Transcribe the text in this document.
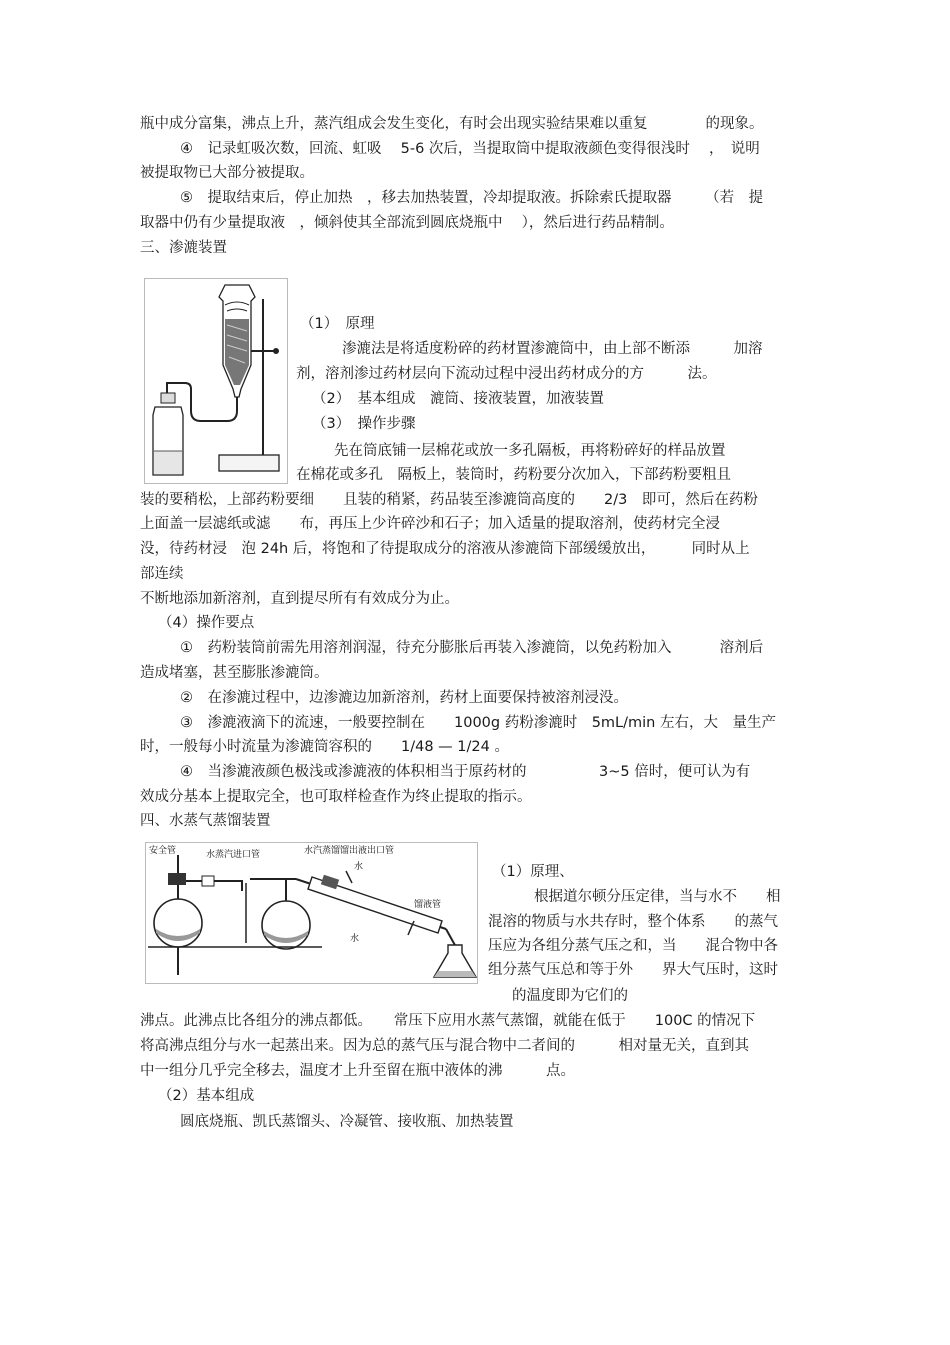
瓶中成分富集，沸点上升，蒸汽组成会发生变化，有时会出现实验结果难以重复　　　　的现象。
④　记录虹吸次数，回流、虹吸　 5-6 次后，当提取筒中提取液颜色变得很浅时　 ，　说明
被提取物已大部分被提取。
⑤　提取结束后，停止加热　，移去加热装置，冷却提取液。拆除索氏提取器　　 （若　提
取器中仍有少量提取液　，倾斜使其全部流到圆底烧瓶中　 ），然后进行药品精制。
三、渗漉装置
（1）　原理
渗漉法是将适度粉碎的药材置渗漉筒中，由上部不断添　　　加溶
剂，溶剂渗过药材层向下流动过程中浸出药材成分的方　　　法。
（2）　基本组成　漉筒、接液装置，加液装置
（3）　操作步骤
先在筒底铺一层棉花或放一多孔隔板，再将粉碎好的样品放置
在棉花或多孔　隔板上，装筒时，药粉要分次加入，下部药粉要粗且
装的要稍松，上部药粉要细　　且装的稍紧，药品装至渗漉筒高度的　　2/3　即可，然后在药粉
上面盖一层滤纸或滤　　布，再压上少许碎沙和石子；加入适量的提取溶剂，使药材完全浸
没，待药材浸　泡 24h 后，将饱和了待提取成分的溶液从渗漉筒下部缓缓放出，　　　同时从上
部连续
不断地添加新溶剂，直到提尽所有有效成分为止。
（4）操作要点
①　药粉装筒前需先用溶剂润湿，待充分膨胀后再装入渗漉筒，以免药粉加入　　　 溶剂后
造成堵塞，甚至膨胀渗漉筒。
②　在渗漉过程中，边渗漉边加新溶剂，药材上面要保持被溶剂浸没。
③　渗漉液滴下的流速，一般要控制在　　1000g 药粉渗漉时　5mL/min 左右，大　量生产
时，一般每小时流量为渗漉筒容积的　　1/48 — 1/24 。
④　当渗漉液颜色极浅或渗漉液的体积相当于原药材的　　　　　3~5 倍时，便可认为有
效成分基本上提取完全，也可取样检查作为终止提取的指示。
四、水蒸气蒸馏装置
安全管	水蒸汽进口管	水汽蒸馏馏出液出口管
水
馏液管
水
（1）原理、
根据道尔顿分压定律，当与水不　　相
混溶的物质与水共存时，整个体系　　的蒸气
压应为各组分蒸气压之和，当　　混合物中各
组分蒸气压总和等于外　　界大气压时，这时
的温度即为它们的
沸点。此沸点比各组分的沸点都低。　　常压下应用水蒸气蒸馏，就能在低于　　100C 的情况下
将高沸点组分与水一起蒸出来。因为总的蒸气压与混合物中二者间的　　　相对量无关，直到其
中一组分几乎完全移去，温度才上升至留在瓶中液体的沸　　　点。
（2）基本组成
圆底烧瓶、凯氏蒸馏头、冷凝管、接收瓶、加热装置
